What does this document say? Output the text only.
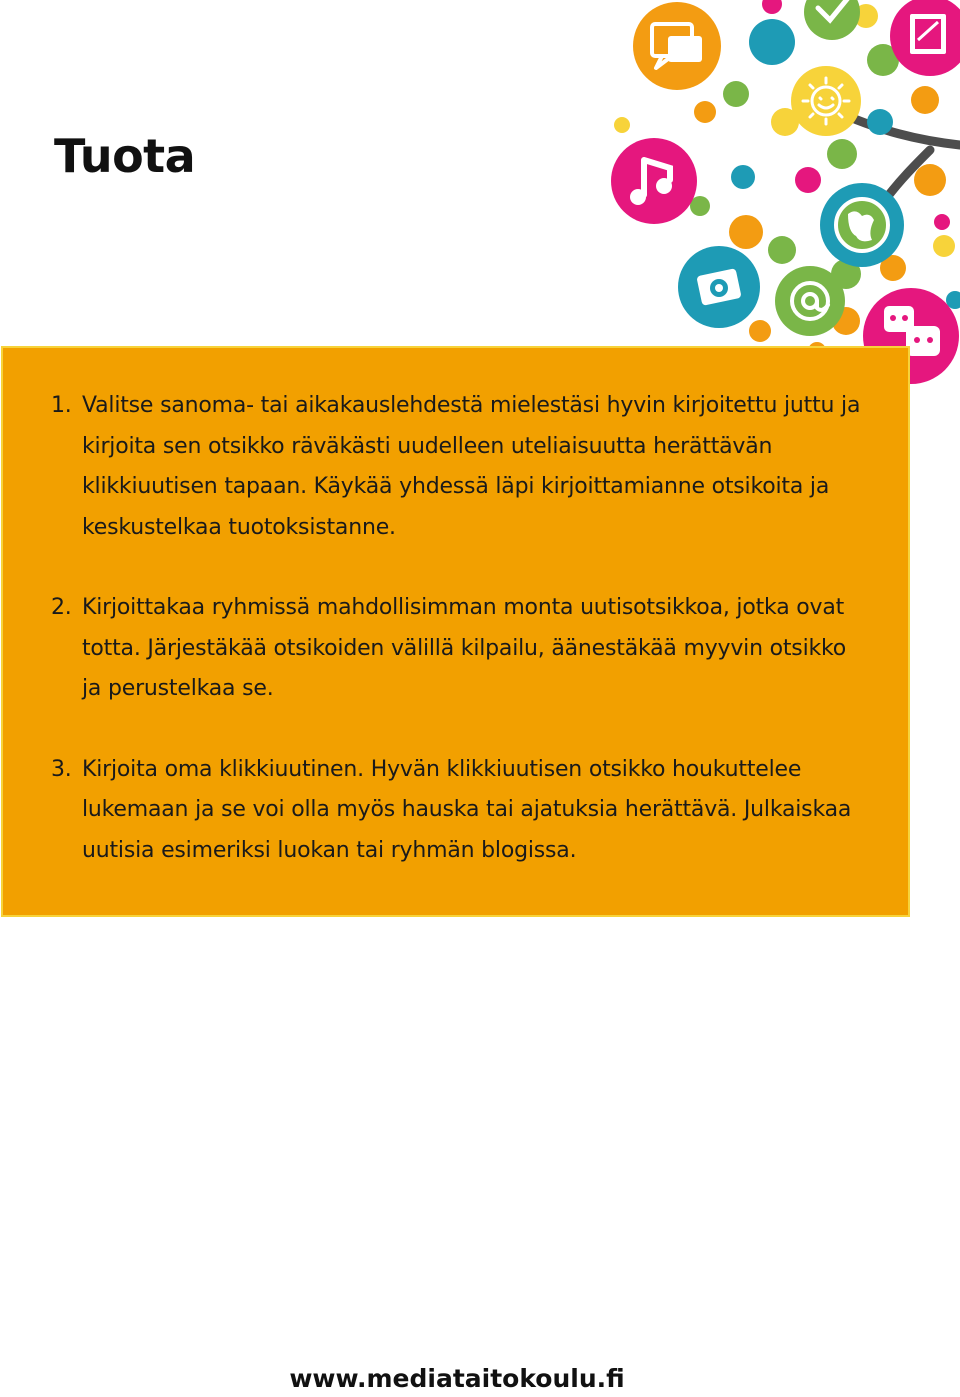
Tuota
1. Valitse sanoma- tai aikakauslehdestä mielestäsi hyvin kirjoitettu juttu ja kirjoita sen otsikko räväkästi uudelleen uteliaisuutta herättävän klikkiuutisen tapaan. Käykää yhdessä läpi kirjoittamianne otsikoita ja keskustelkaa tuotoksistanne.
2. Kirjoittakaa ryhmissä mahdollisimman monta uutisotsikkoa, jotka ovat totta. Järjestäkää otsikoiden välillä kilpailu, äänestäkää myyvin otsikko ja perustelkaa se.
3. Kirjoita oma klikkiuutinen. Hyvän klikkiuutisen otsikko houkuttelee lukemaan ja se voi olla myös hauska tai ajatuksia herättävä. Julkaiskaa uutisia esimeriksi luokan tai ryhmän blogissa.
www.mediataitokoulu.fi
